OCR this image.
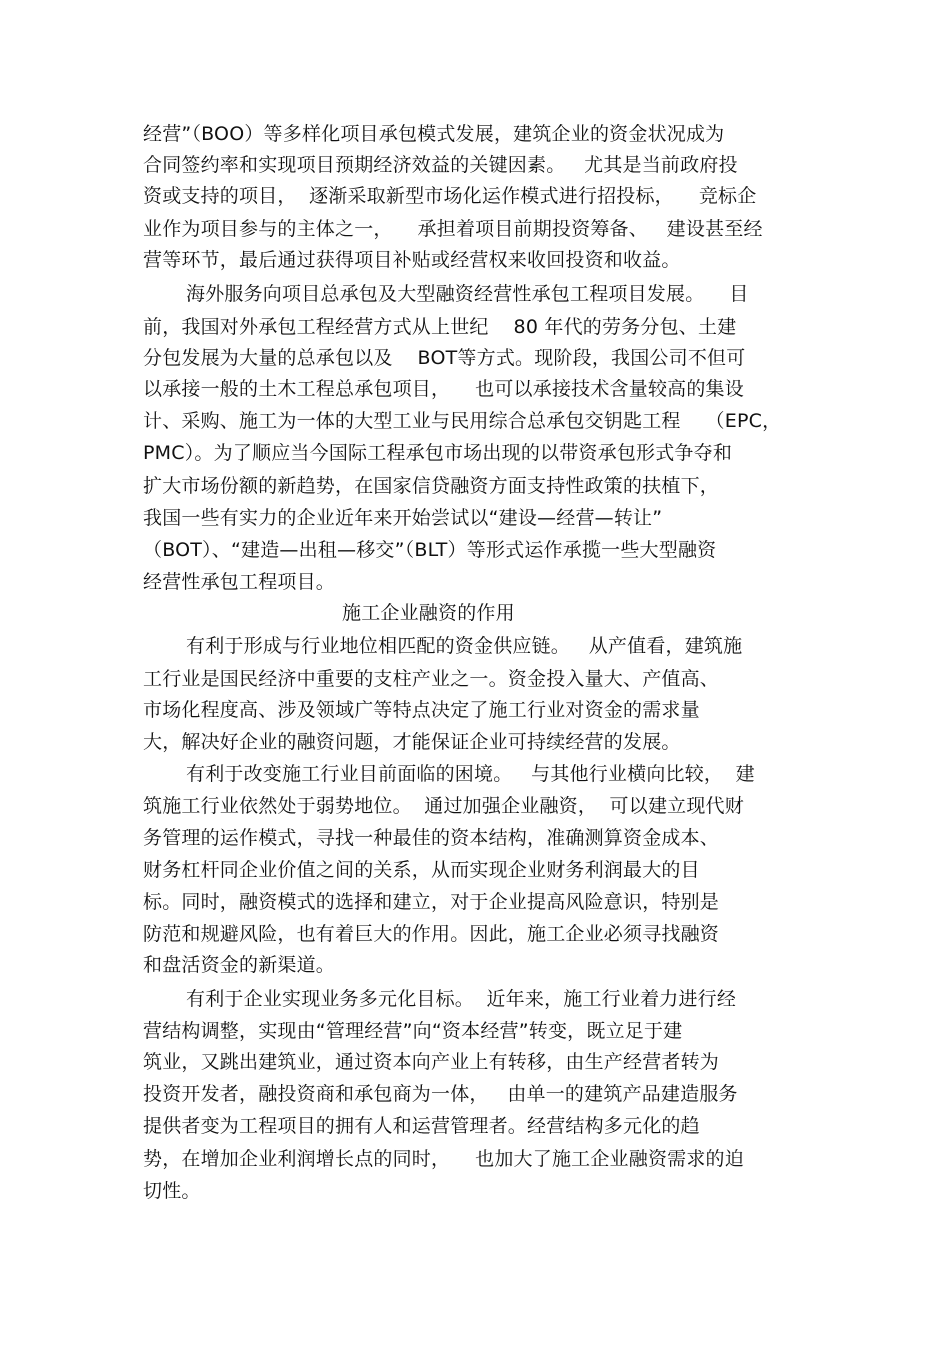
经营”（BOO）等多样化项目承包模式发展，建筑企业的资金状况成为
合同签约率和实现项目预期经济效益的关键因素。   尤其是当前政府投
资或支持的项目，  逐渐采取新型市场化运作模式进行招投标，    竞标企
业作为项目参与的主体之一，    承担着项目前期投资筹备、   建设甚至经
营等环节，最后通过获得项目补贴或经营权来收回投资和收益。
海外服务向项目总承包及大型融资经营性承包工程项目发展。    目
前，我国对外承包工程经营方式从上世纪    80 年代的劳务分包、土建
分包发展为大量的总承包以及    BOT等方式。现阶段，我国公司不但可
以承接一般的土木工程总承包项目，    也可以承接技术含量较高的集设
计、采购、施工为一体的大型工业与民用综合总承包交钥匙工程    （EPC，
PMC）。为了顺应当今国际工程承包市场出现的以带资承包形式争夺和
扩大市场份额的新趋势，在国家信贷融资方面支持性政策的扶植下，
我国一些有实力的企业近年来开始尝试以“建设—经营—转让”
（BOT）、“建造—出租—移交”（BLT）等形式运作承揽一些大型融资
经营性承包工程项目。
施工企业融资的作用
有利于形成与行业地位相匹配的资金供应链。   从产值看，建筑施
工行业是国民经济中重要的支柱产业之一。资金投入量大、产值高、
市场化程度高、涉及领域广等特点决定了施工行业对资金的需求量
大，解决好企业的融资问题，才能保证企业可持续经营的发展。
有利于改变施工行业目前面临的困境。   与其他行业横向比较，  建
筑施工行业依然处于弱势地位。  通过加强企业融资，  可以建立现代财
务管理的运作模式，寻找一种最佳的资本结构，准确测算资金成本、
财务杠杆同企业价值之间的关系，从而实现企业财务利润最大的目
标。同时，融资模式的选择和建立，对于企业提高风险意识，特别是
防范和规避风险，也有着巨大的作用。因此，施工企业必须寻找融资
和盘活资金的新渠道。
有利于企业实现业务多元化目标。  近年来，施工行业着力进行经
营结构调整，实现由“管理经营”向“资本经营”转变，既立足于建
筑业，又跳出建筑业，通过资本向产业上有转移，由生产经营者转为
投资开发者，融投资商和承包商为一体，   由单一的建筑产品建造服务
提供者变为工程项目的拥有人和运营管理者。经营结构多元化的趋
势，在增加企业利润增长点的同时，    也加大了施工企业融资需求的迫
切性。
